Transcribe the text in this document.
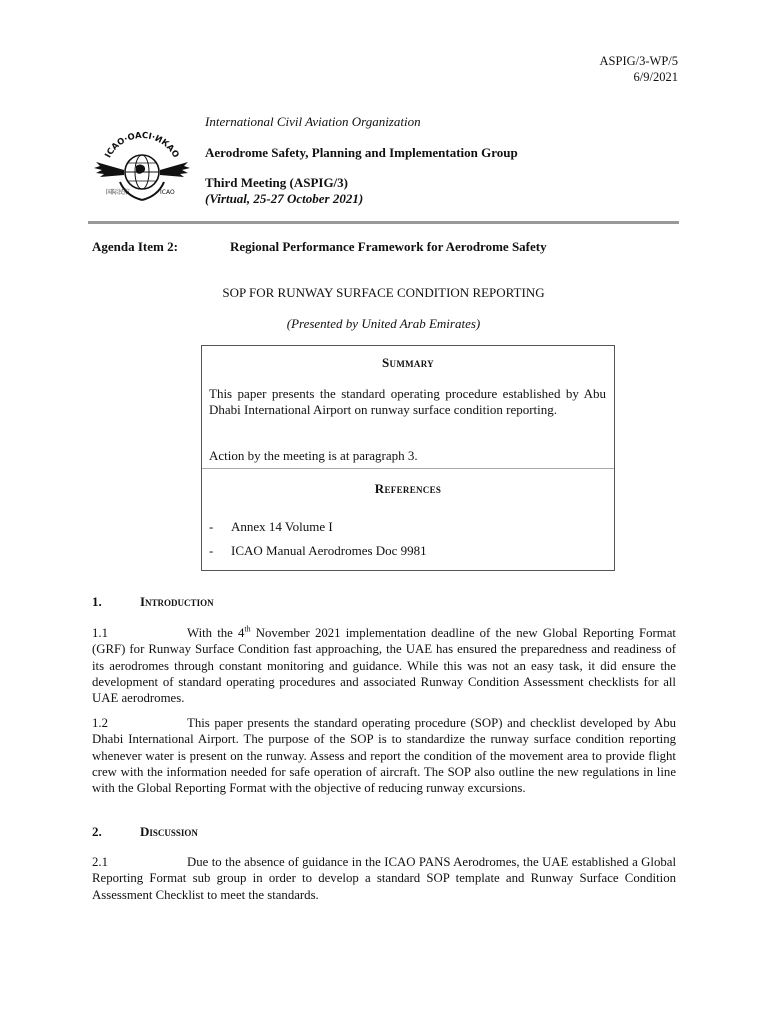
ASPIG/3-WP/5
6/9/2021
ICAO·OACI·ИКАО
国际民航	ICAO
International Civil Aviation Organization
Aerodrome Safety, Planning and Implementation Group
Third Meeting (ASPIG/3)
(Virtual, 25-27 October 2021)
Agenda Item 2:	Regional Performance Framework for Aerodrome Safety
SOP FOR RUNWAY SURFACE CONDITION REPORTING
(Presented by United Arab Emirates)
Summary
This paper presents the standard operating procedure established by Abu Dhabi International Airport on runway surface condition reporting.
Action by the meeting is at paragraph 3.
References
- Annex 14 Volume I
- ICAO Manual Aerodromes Doc 9981
1.	Introduction
1.1	With the 4th November 2021 implementation deadline of the new Global Reporting Format (GRF) for Runway Surface Condition fast approaching, the UAE has ensured the preparedness and readiness of its aerodromes through constant monitoring and guidance. While this was not an easy task, it did ensure the development of standard operating procedures and associated Runway Condition Assessment checklists for all UAE aerodromes.
1.2	This paper presents the standard operating procedure (SOP) and checklist developed by Abu Dhabi International Airport. The purpose of the SOP is to standardize the runway surface condition reporting whenever water is present on the runway. Assess and report the condition of the movement area to provide flight crew with the information needed for safe operation of aircraft. The SOP also outline the new regulations in line with the Global Reporting Format with the objective of reducing runway excursions.
2.	Discussion
2.1	Due to the absence of guidance in the ICAO PANS Aerodromes, the UAE established a Global Reporting Format sub group in order to develop a standard SOP template and Runway Surface Condition Assessment Checklist to meet the standards.
